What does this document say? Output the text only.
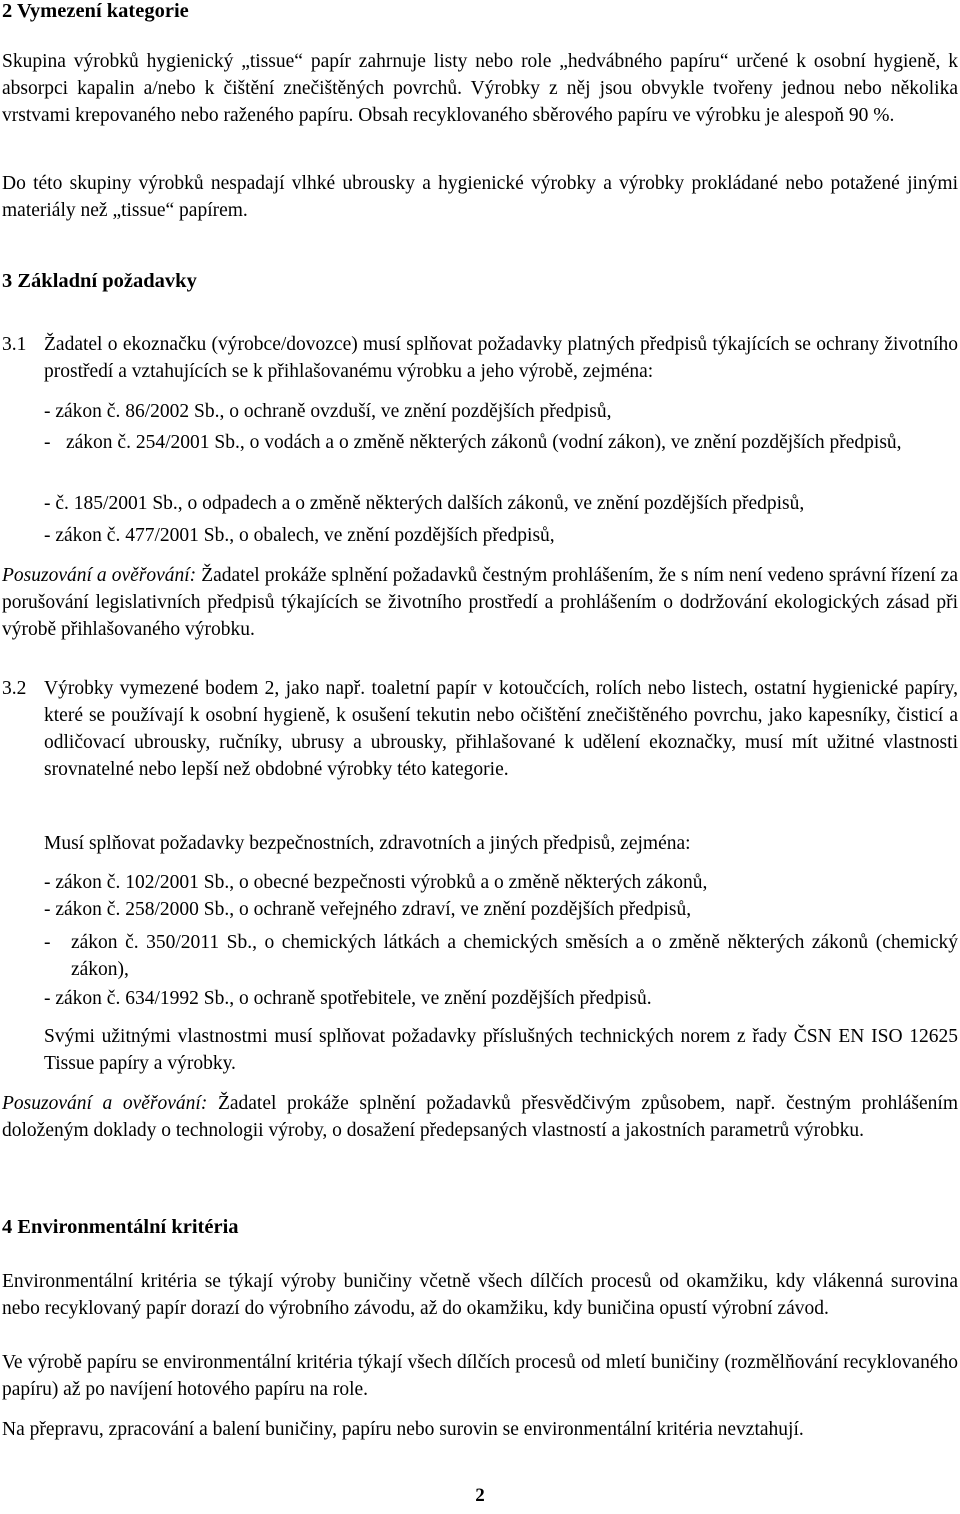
2 Vymezení kategorie

Skupina výrobků hygienický „tissue“ papír zahrnuje listy nebo role „hedvábného papíru“ určené k osobní hygieně, k absorpci kapalin a/nebo k čištění znečištěných povrchů. Výrobky z něj jsou obvykle tvořeny jednou nebo několika vrstvami krepovaného nebo raženého papíru. Obsah recyklovaného sběrového papíru ve výrobku je alespoň 90 %.

Do této skupiny výrobků nespadají vlhké ubrousky a hygienické výrobky a výrobky prokládané nebo potažené jinými materiály než „tissue“ papírem.

3 Základní požadavky
3.1 Žadatel o ekoznačku (výrobce/dovozce) musí splňovat požadavky platných předpisů týkajících se ochrany životního prostředí a vztahujících se k přihlašovanému výrobku a jeho výrobě, zejména:

- zákon č. 86/2002 Sb., o ochraně ovzduší, ve znění pozdějších předpisů,

- zákon č. 254/2001 Sb., o vodách a o změně některých zákonů (vodní zákon), ve znění pozdějších předpisů,

- č. 185/2001 Sb., o odpadech a o změně některých dalších zákonů, ve znění pozdějších předpisů,

- zákon č. 477/2001 Sb., o obalech, ve znění pozdějších předpisů,

Posuzování a ověřování: Žadatel prokáže splnění požadavků čestným prohlášením, že s ním není vedeno správní řízení za porušování legislativních předpisů týkajících se životního prostředí a prohlášením o dodržování ekologických zásad při výrobě přihlašovaného výrobku.

3.2 Výrobky vymezené bodem 2, jako např. toaletní papír v kotoučcích, rolích nebo listech, ostatní hygienické papíry, které se používají k osobní hygieně, k osušení tekutin nebo očištění znečištěného povrchu, jako kapesníky, čisticí a odličovací ubrousky, ručníky, ubrusy a ubrousky, přihlašované k udělení ekoznačky, musí mít užitné vlastnosti srovnatelné nebo lepší než obdobné výrobky této kategorie.

Musí splňovat požadavky bezpečnostních, zdravotních a jiných předpisů, zejména:

- zákon č. 102/2001 Sb., o obecné bezpečnosti výrobků a o změně některých zákonů,

- zákon č. 258/2000 Sb., o ochraně veřejného zdraví, ve znění pozdějších předpisů,

-	zákon č. 350/2011 Sb., o chemických látkách a chemických směsích a o změně některých zákonů (chemický zákon),

- zákon č. 634/1992 Sb., o ochraně spotřebitele, ve znění pozdějších předpisů.

Svými užitnými vlastnostmi musí splňovat požadavky příslušných technických norem z řady ČSN EN ISO 12625 Tissue papíry a výrobky.

Posuzování a ověřování: Žadatel prokáže splnění požadavků přesvědčivým způsobem, např. čestným prohlášením doloženým doklady o technologii výroby, o dosažení předepsaných vlastností a jakostních parametrů výrobku.

4 Environmentální kritéria

Environmentální kritéria se týkají výroby buničiny včetně všech dílčích procesů od okamžiku, kdy vlákenná surovina nebo recyklovaný papír dorazí do výrobního závodu, až do okamžiku, kdy buničina opustí výrobní závod.

Ve výrobě papíru se environmentální kritéria týkají všech dílčích procesů od mletí buničiny (rozmělňování recyklovaného papíru) až po navíjení hotového papíru na role.

Na přepravu, zpracování a balení buničiny, papíru nebo surovin se environmentální kritéria nevztahují.

2
